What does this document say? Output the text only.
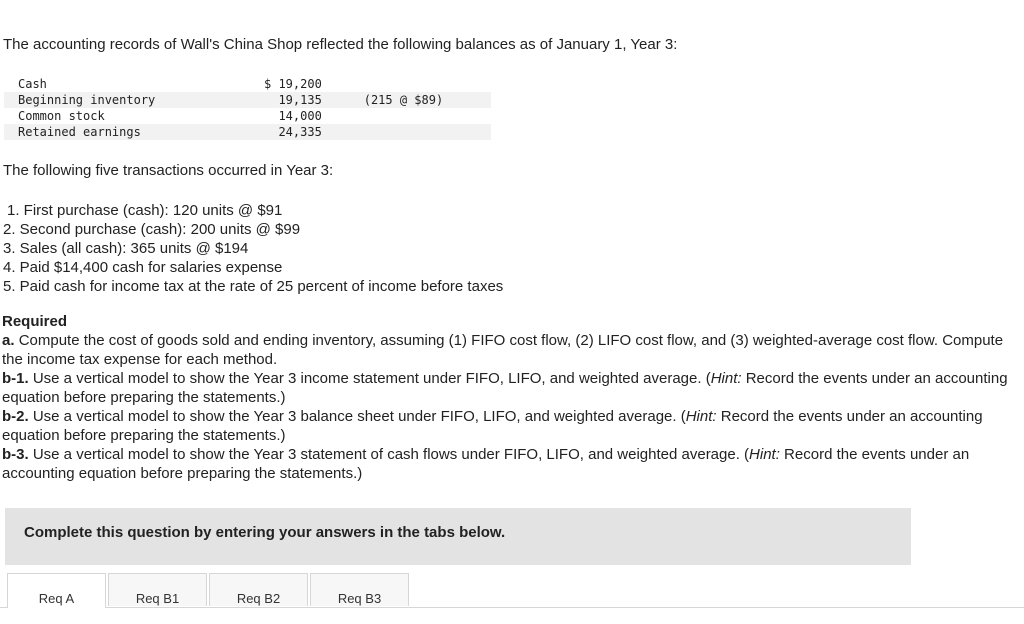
The accounting records of Wall's China Shop reflected the following balances as of January 1, Year 3:

Cash	$ 19,200	
Beginning inventory	19,135	(215 @ $89)
Common stock	14,000	
Retained earnings	24,335	

The following five transactions occurred in Year 3:

1. First purchase (cash): 120 units @ $91
2. Second purchase (cash): 200 units @ $99
3. Sales (all cash): 365 units @ $194
4. Paid $14,400 cash for salaries expense
5. Paid cash for income tax at the rate of 25 percent of income before taxes
Required

a. Compute the cost of goods sold and ending inventory, assuming (1) FIFO cost flow, (2) LIFO cost flow, and (3) weighted-average cost flow. Compute the income tax expense for each method.

b-1. Use a vertical model to show the Year 3 income statement under FIFO, LIFO, and weighted average. (Hint: Record the events under an accounting equation before preparing the statements.)

b-2. Use a vertical model to show the Year 3 balance sheet under FIFO, LIFO, and weighted average. (Hint: Record the events under an accounting equation before preparing the statements.)

b-3. Use a vertical model to show the Year 3 statement of cash flows under FIFO, LIFO, and weighted average. (Hint: Record the events under an accounting equation before preparing the statements.)

Complete this question by entering your answers in the tabs below.
Req A	Req B1	Req B2	Req B3
